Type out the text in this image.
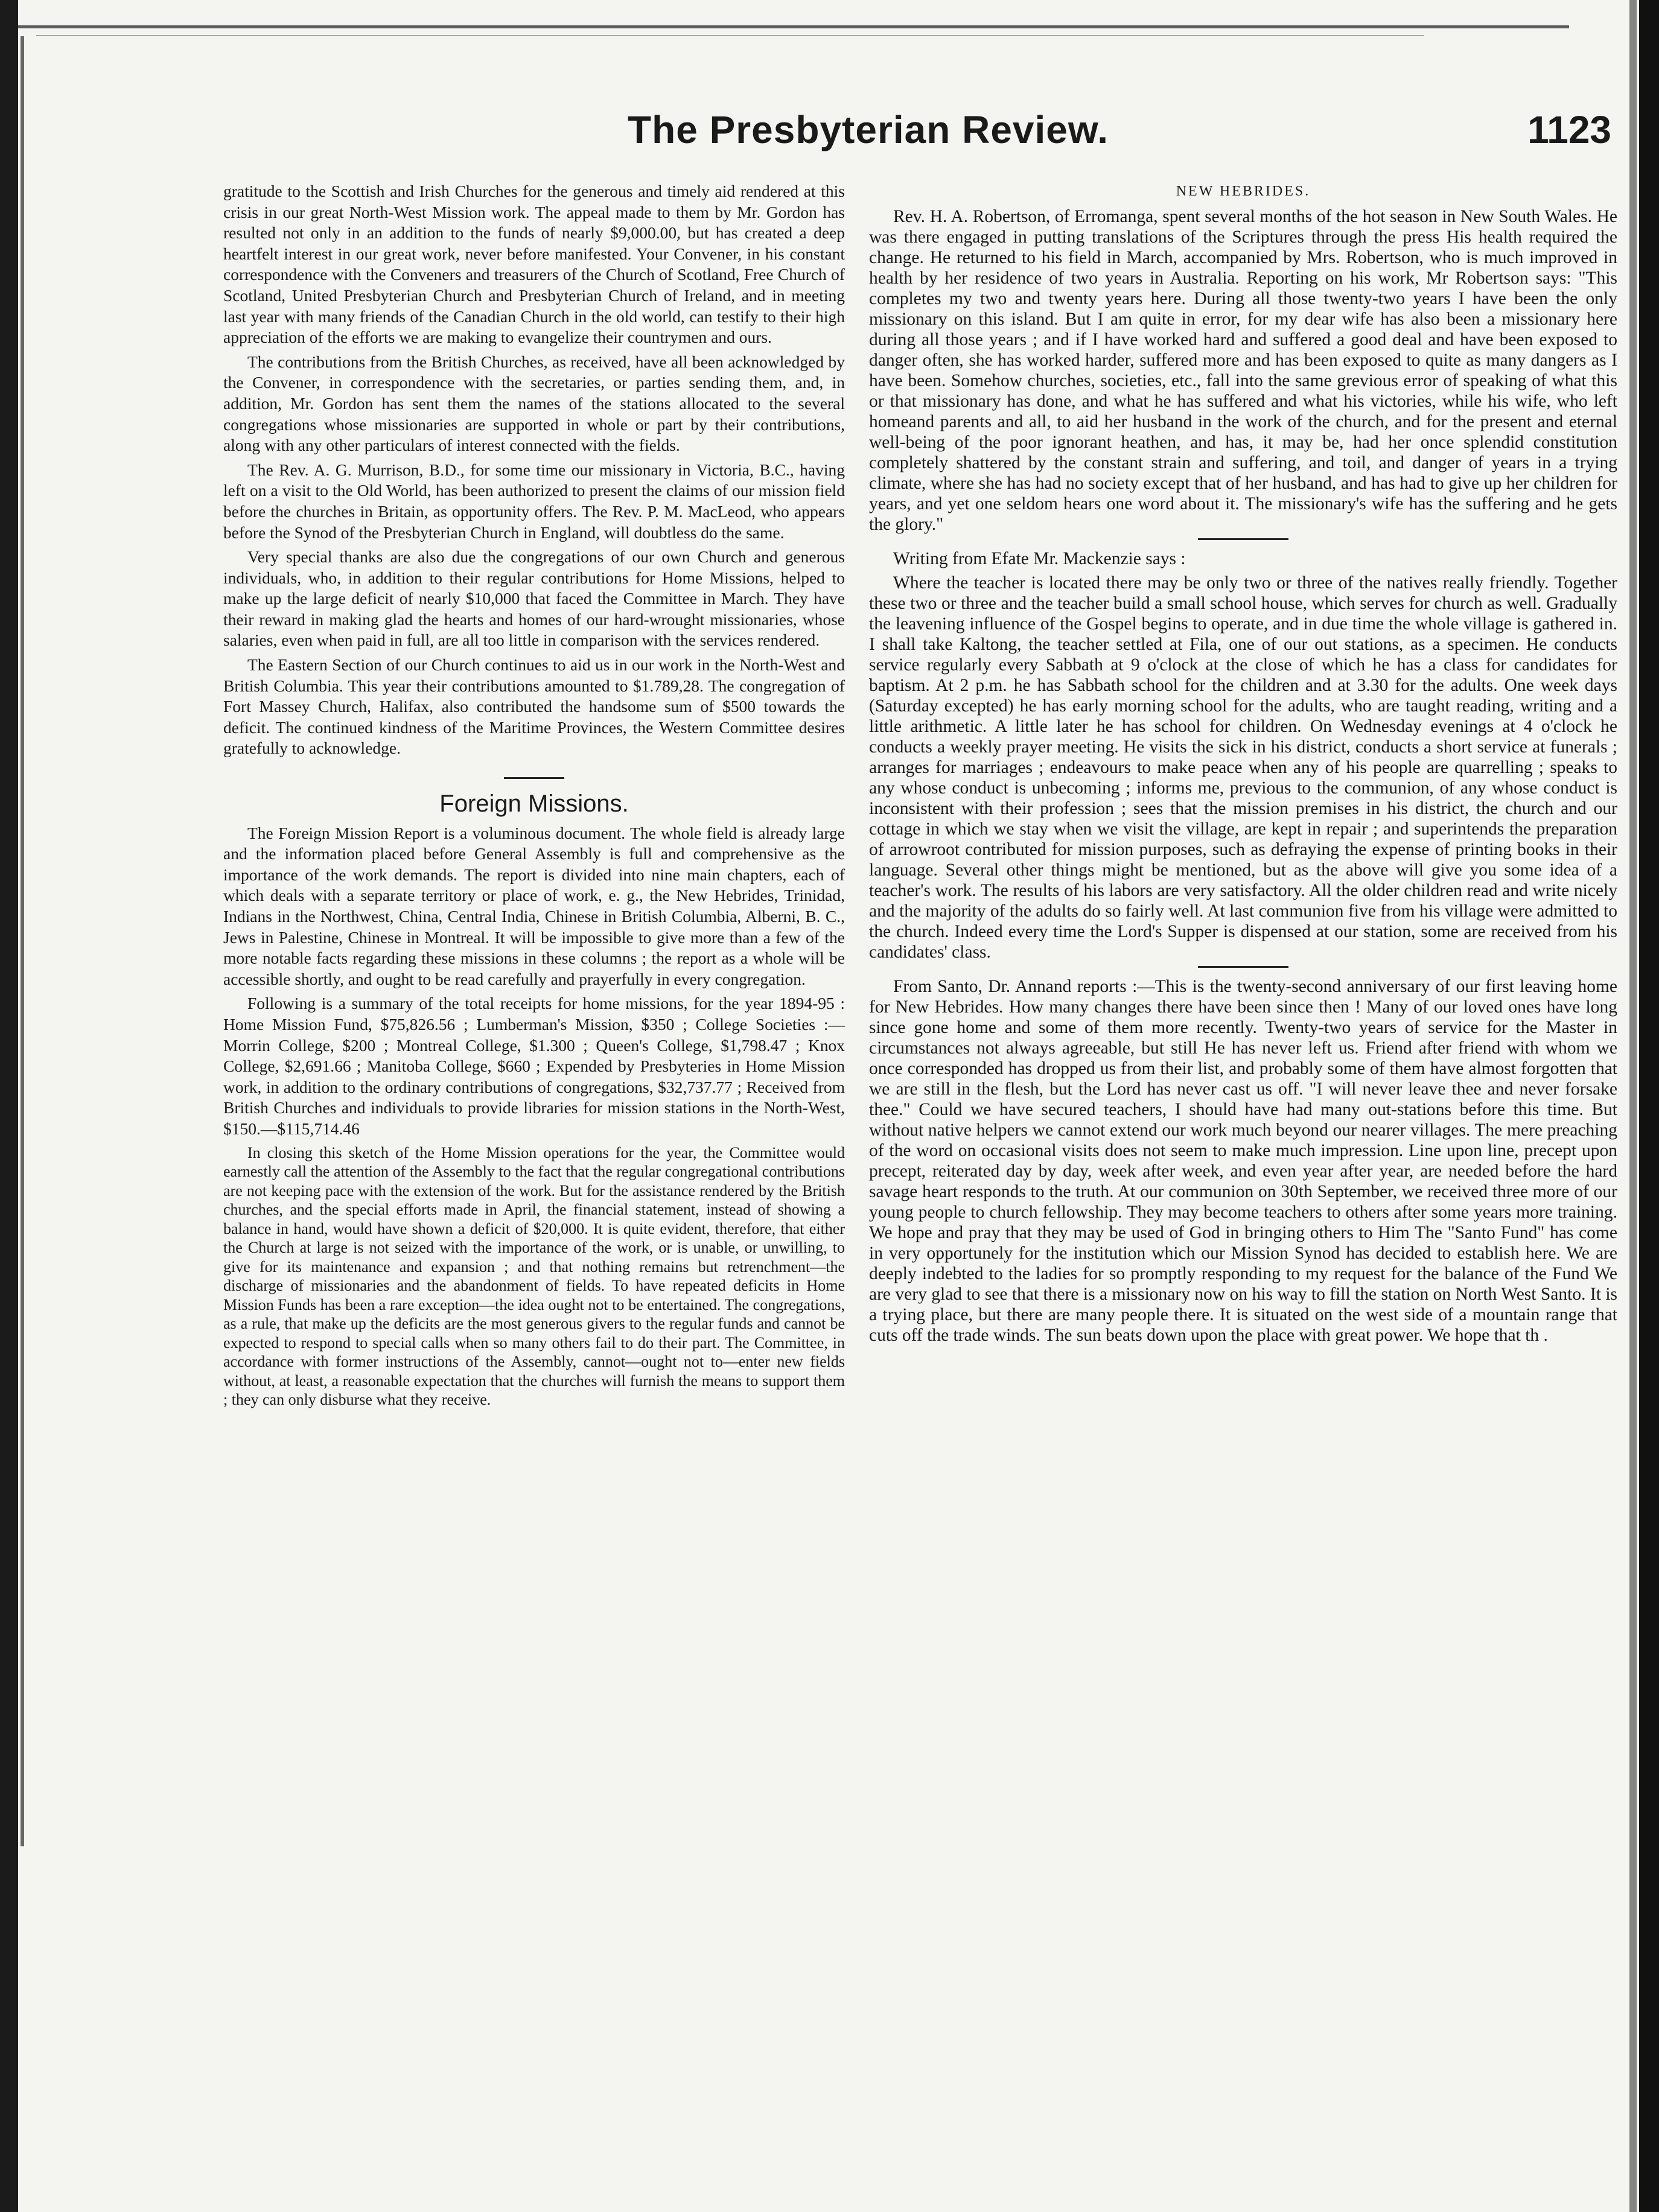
The Presbyterian Review.	1123

gratitude to the Scottish and Irish Churches for the generous and timely aid rendered at this crisis in our great North-West Mission work. The appeal made to them by Mr. Gordon has resulted not only in an addition to the funds of nearly $9,000.00, but has created a deep heartfelt interest in our great work, never before manifested. Your Convener, in his constant correspondence with the Conveners and treasurers of the Church of Scotland, Free Church of Scotland, United Presbyterian Church and Presbyterian Church of Ireland, and in meeting last year with many friends of the Canadian Church in the old world, can testify to their high appreciation of the efforts we are making to evangelize their countrymen and ours.

The contributions from the British Churches, as received, have all been acknowledged by the Convener, in correspondence with the secretaries, or parties sending them, and, in addition, Mr. Gordon has sent them the names of the stations allocated to the several congregations whose missionaries are supported in whole or part by their contributions, along with any other particulars of interest connected with the fields.

The Rev. A. G. Murrison, B.D., for some time our missionary in Victoria, B.C., having left on a visit to the Old World, has been authorized to present the claims of our mission field before the churches in Britain, as opportunity offers. The Rev. P. M. MacLeod, who appears before the Synod of the Presbyterian Church in England, will doubtless do the same.

Very special thanks are also due the congregations of our own Church and generous individuals, who, in addition to their regular contributions for Home Missions, helped to make up the large deficit of nearly $10,000 that faced the Committee in March. They have their reward in making glad the hearts and homes of our hard-wrought missionaries, whose salaries, even when paid in full, are all too little in comparison with the services rendered.

The Eastern Section of our Church continues to aid us in our work in the North-West and British Columbia. This year their contributions amounted to $1.789,28. The congregation of Fort Massey Church, Halifax, also contributed the handsome sum of $500 towards the deficit. The continued kindness of the Maritime Provinces, the Western Committee desires gratefully to acknowledge.

Foreign Missions.

The Foreign Mission Report is a voluminous document. The whole field is already large and the information placed before General Assembly is full and comprehensive as the importance of the work demands. The report is divided into nine main chapters, each of which deals with a separate territory or place of work, e. g., the New Hebrides, Trinidad, Indians in the Northwest, China, Central India, Chinese in British Columbia, Alberni, B. C., Jews in Palestine, Chinese in Montreal. It will be impossible to give more than a few of the more notable facts regarding these missions in these columns ; the report as a whole will be accessible shortly, and ought to be read carefully and prayerfully in every congregation.

Following is a summary of the total receipts for home missions, for the year 1894-95 : Home Mission Fund, $75,826.56 ; Lumberman's Mission, $350 ; College Societies :—Morrin College, $200 ; Montreal College, $1.300 ; Queen's College, $1,798.47 ; Knox College, $2,691.66 ; Manitoba College, $660 ; Expended by Presbyteries in Home Mission work, in addition to the ordinary contributions of congregations, $32,737.77 ; Received from British Churches and individuals to provide libraries for mission stations in the North-West, $150.—$115,714.46

In closing this sketch of the Home Mission operations for the year, the Committee would earnestly call the attention of the Assembly to the fact that the regular congregational contributions are not keeping pace with the extension of the work. But for the assistance rendered by the British churches, and the special efforts made in April, the financial statement, instead of showing a balance in hand, would have shown a deficit of $20,000. It is quite evident, therefore, that either the Church at large is not seized with the importance of the work, or is unable, or unwilling, to give for its maintenance and expansion ; and that nothing remains but retrenchment—the discharge of missionaries and the abandonment of fields. To have repeated deficits in Home Mission Funds has been a rare exception—the idea ought not to be entertained. The congregations, as a rule, that make up the deficits are the most generous givers to the regular funds and cannot be expected to respond to special calls when so many others fail to do their part. The Committee, in accordance with former instructions of the Assembly, cannot—ought not to—enter new fields without, at least, a reasonable expectation that the churches will furnish the means to support them ; they can only disburse what they receive.

NEW HEBRIDES.

Rev. H. A. Robertson, of Erromanga, spent several months of the hot season in New South Wales. He was there engaged in putting translations of the Scriptures through the press His health required the change. He returned to his field in March, accompanied by Mrs. Robertson, who is much improved in health by her residence of two years in Australia. Reporting on his work, Mr Robertson says: "This completes my two and twenty years here. During all those twenty-two years I have been the only missionary on this island. But I am quite in error, for my dear wife has also been a missionary here during all those years ; and if I have worked hard and suffered a good deal and have been exposed to danger often, she has worked harder, suffered more and has been exposed to quite as many dangers as I have been. Somehow churches, societies, etc., fall into the same grevious error of speaking of what this or that missionary has done, and what he has suffered and what his victories, while his wife, who left homeand parents and all, to aid her husband in the work of the church, and for the present and eternal well-being of the poor ignorant heathen, and has, it may be, had her once splendid constitution completely shattered by the constant strain and suffering, and toil, and danger of years in a trying climate, where she has had no society except that of her husband, and has had to give up her children for years, and yet one seldom hears one word about it. The missionary's wife has the suffering and he gets the glory."

Writing from Efate Mr. Mackenzie says :

Where the teacher is located there may be only two or three of the natives really friendly. Together these two or three and the teacher build a small school house, which serves for church as well. Gradually the leavening influence of the Gospel begins to operate, and in due time the whole village is gathered in. I shall take Kaltong, the teacher settled at Fila, one of our out stations, as a specimen. He conducts service regularly every Sabbath at 9 o'clock at the close of which he has a class for candidates for baptism. At 2 p.m. he has Sabbath school for the children and at 3.30 for the adults. One week days (Saturday excepted) he has early morning school for the adults, who are taught reading, writing and a little arithmetic. A little later he has school for children. On Wednesday evenings at 4 o'clock he conducts a weekly prayer meeting. He visits the sick in his district, conducts a short service at funerals ; arranges for marriages ; endeavours to make peace when any of his people are quarrelling ; speaks to any whose conduct is unbecoming ; informs me, previous to the communion, of any whose conduct is inconsistent with their profession ; sees that the mission premises in his district, the church and our cottage in which we stay when we visit the village, are kept in repair ; and superintends the preparation of arrowroot contributed for mission purposes, such as defraying the expense of printing books in their language. Several other things might be mentioned, but as the above will give you some idea of a teacher's work. The results of his labors are very satisfactory. All the older children read and write nicely and the majority of the adults do so fairly well. At last communion five from his village were admitted to the church. Indeed every time the Lord's Supper is dispensed at our station, some are received from his candidates' class.

From Santo, Dr. Annand reports :—This is the twenty-second anniversary of our first leaving home for New Hebrides. How many changes there have been since then ! Many of our loved ones have long since gone home and some of them more recently. Twenty-two years of service for the Master in circumstances not always agreeable, but still He has never left us. Friend after friend with whom we once corresponded has dropped us from their list, and probably some of them have almost forgotten that we are still in the flesh, but the Lord has never cast us off. "I will never leave thee and never forsake thee." Could we have secured teachers, I should have had many out-stations before this time. But without native helpers we cannot extend our work much beyond our nearer villages. The mere preaching of the word on occasional visits does not seem to make much impression. Line upon line, precept upon precept, reiterated day by day, week after week, and even year after year, are needed before the hard savage heart responds to the truth. At our communion on 30th September, we received three more of our young people to church fellowship. They may become teachers to others after some years more training. We hope and pray that they may be used of God in bringing others to Him The "Santo Fund" has come in very opportunely for the institution which our Mission Synod has decided to establish here. We are deeply indebted to the ladies for so promptly responding to my request for the balance of the Fund We are very glad to see that there is a missionary now on his way to fill the station on North West Santo. It is a trying place, but there are many people there. It is situated on the west side of a mountain range that cuts off the trade winds. The sun beats down upon the place with great power. We hope that th .
